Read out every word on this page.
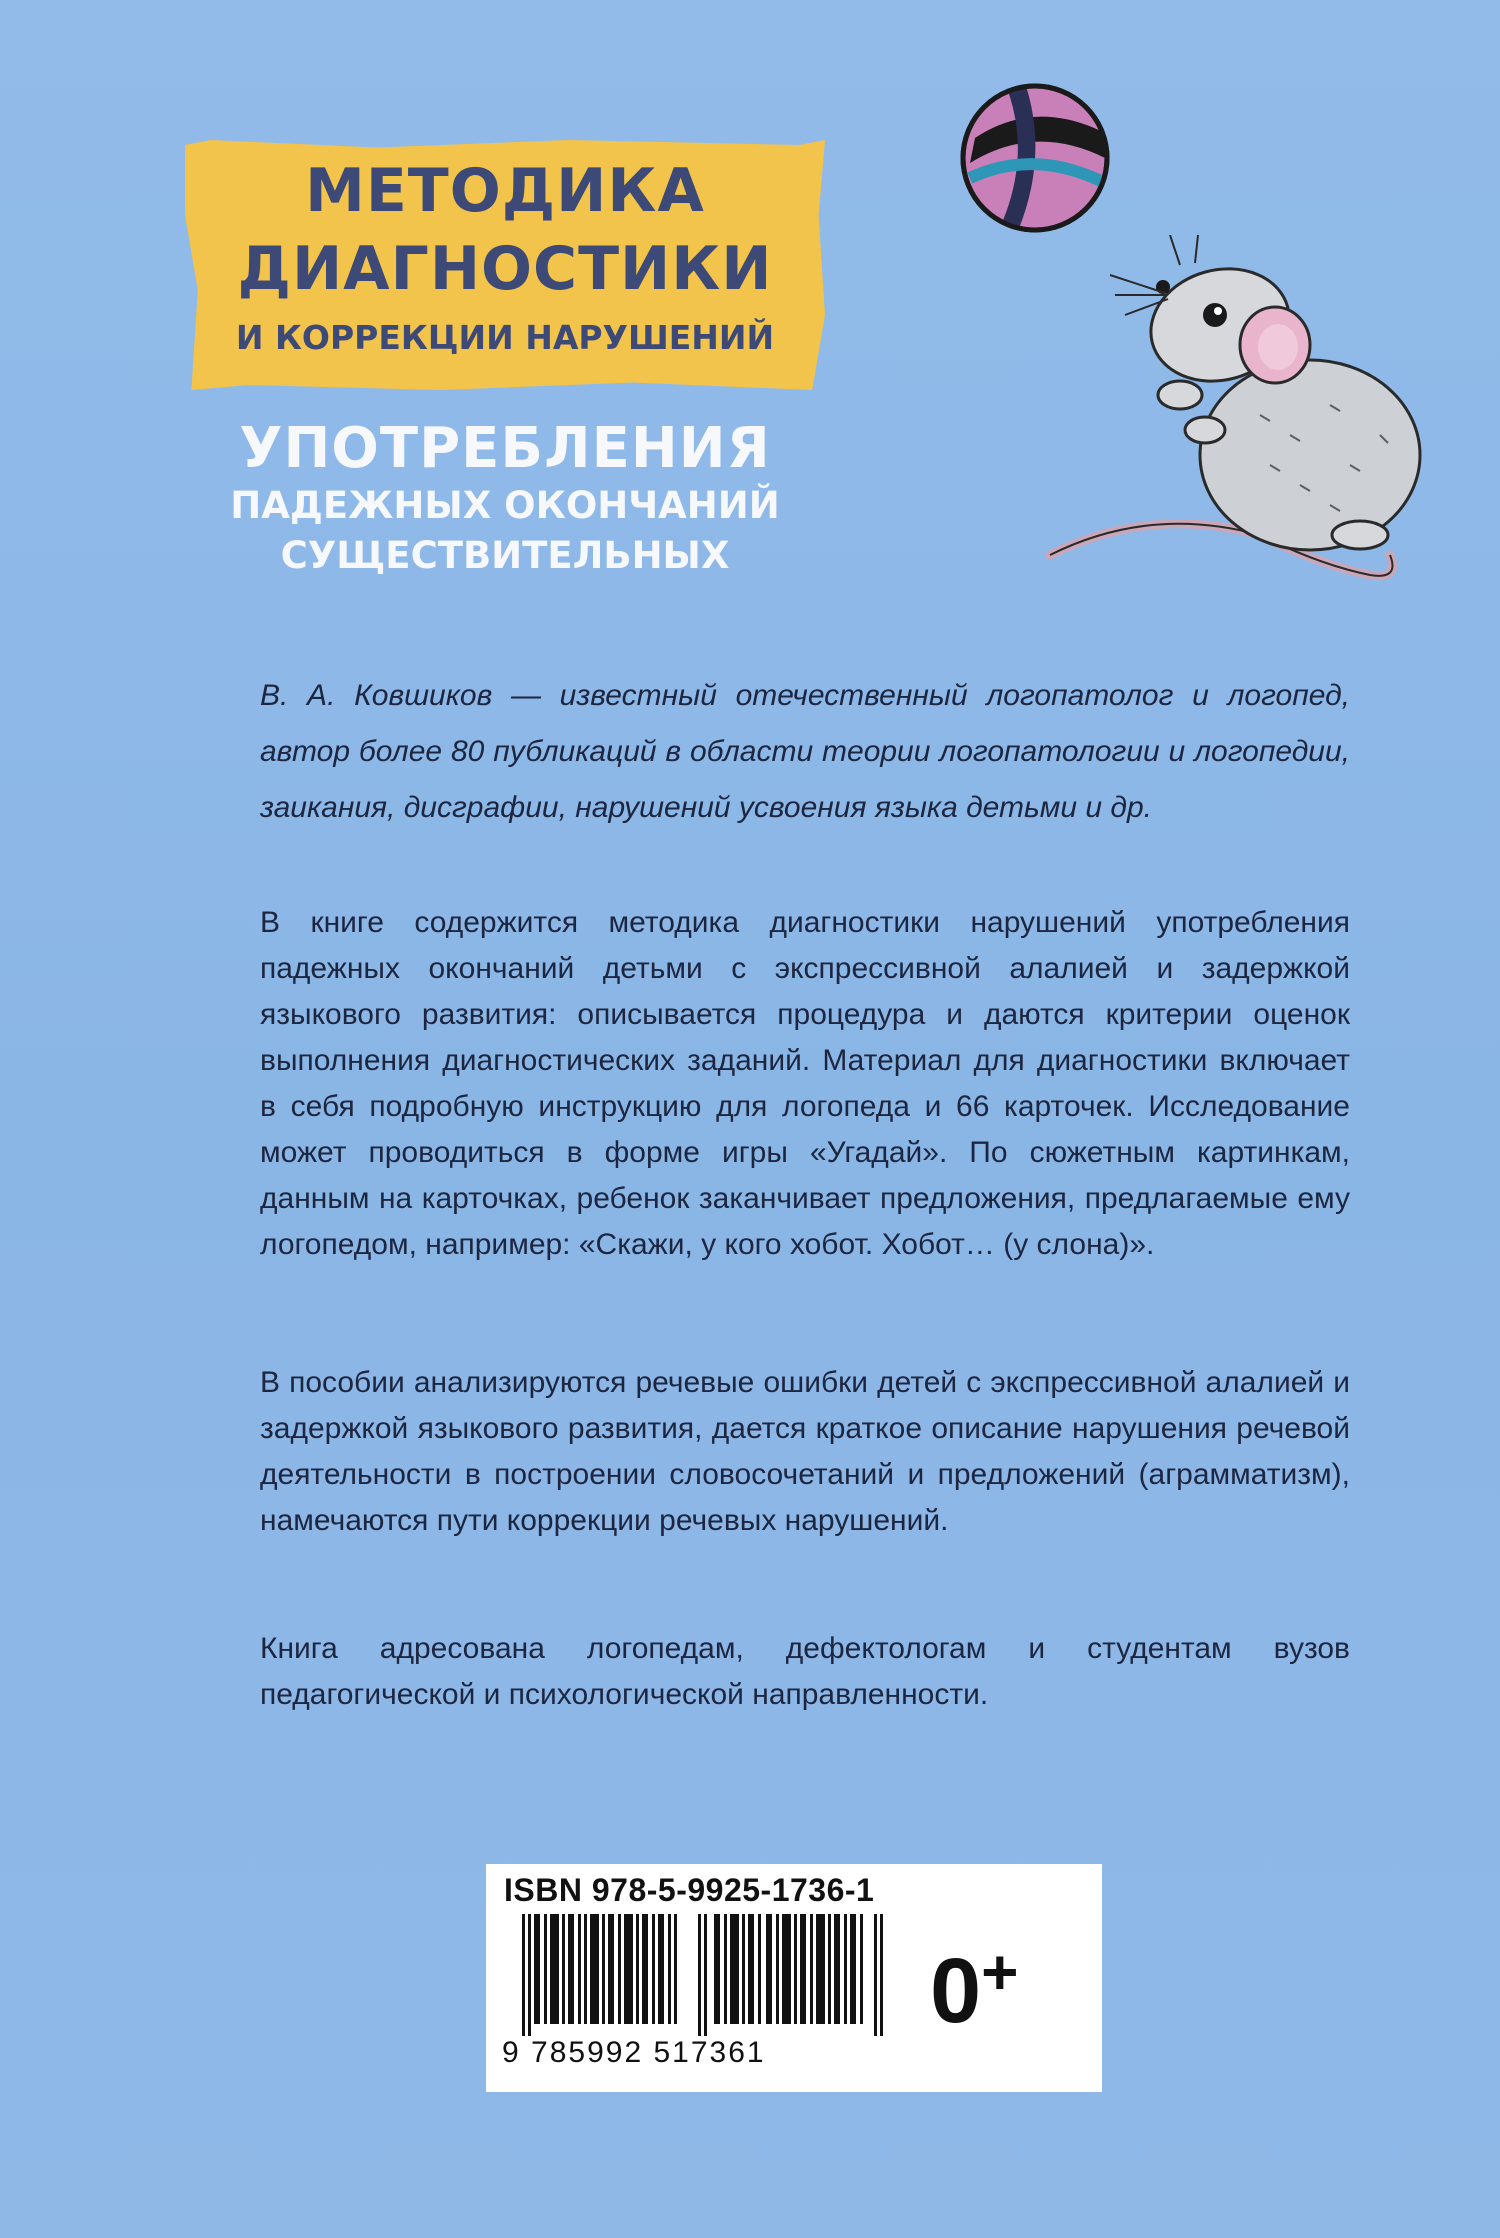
МЕТОДИКА
ДИАГНОСТИКИ
И КОРРЕКЦИИ НАРУШЕНИЙ
УПОТРЕБЛЕНИЯ
ПАДЕЖНЫХ ОКОНЧАНИЙ
СУЩЕСТВИТЕЛЬНЫХ
В. А. Ковшиков — известный отечественный логопатолог и логопед, автор более 80 публикаций в области теории логопатологии и логопедии, заикания, дисграфии, нарушений усвоения языка детьми и др.

В книге содержится методика диагностики нарушений употребления падежных окончаний детьми с экспрессивной алалией и задержкой языкового развития: описывается процедура и даются критерии оценок выполнения диагностических заданий. Материал для диагностики включает в себя подробную инструкцию для логопеда и 66 карточек. Исследование может проводиться в форме игры «Угадай». По сюжетным картинкам, данным на карточках, ребенок заканчивает предложения, предлагаемые ему логопедом, например: «Скажи, у кого хобот. Хобот… (у слона)».

В пособии анализируются речевые ошибки детей с экспрессивной алалией и задержкой языкового развития, дается краткое описание нарушения речевой деятельности в построении словосочетаний и предложений (аграмматизм), намечаются пути коррекции речевых нарушений.

Книга адресована логопедам, дефектологам и студентам вузов педагогической и психологической направленности.

ISBN 978-5-9925-1736-1
9 785992 517361
0+
